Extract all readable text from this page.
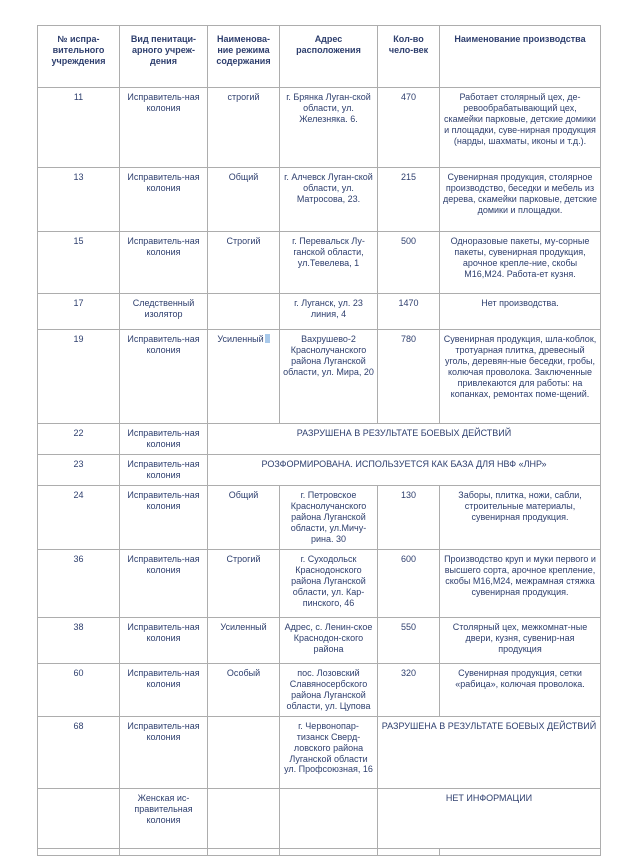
№ испра-вительного учреждения	Вид пенитаци-арного учреж-дения	Наименова-ние режима содержания	Адрес расположения	Кол-во чело-век	Наименование производства
11	Исправитель-ная колония	строгий	г. Брянка Луган-ской области, ул. Железняка. 6.	470	Работает столярный цех, де-ревообрабатывающий цех, скамейки парковые, детские домики и площадки, суве-нирная продукция (нарды, шахматы, иконы и т.д.).
13	Исправитель-ная колония	Общий	г. Алчевск Луган-ской области, ул. Матросова, 23.	215	Сувенирная продукция, столярное производство, беседки и мебель из дерева, скамейки парковые, детские домики и площадки.
15	Исправитель-ная колония	Строгий	г. Перевальск Лу-ганской области, ул.Тевелева, 1	500	Одноразовые пакеты, му-сорные пакеты, сувенирная продукция, арочное крепле-ние, скобы М16,М24. Работа-ет кузня.
17	Следственный изолятор		г. Луганск, ул. 23 линия, 4	1470	Нет производства.
19	Исправитель-ная колония	Усиленный	Вахрушево-2 Краснолучанского района Луганской области, ул. Мира, 20	780	Сувенирная продукция, шла-коблок, тротуарная плитка, древесный уголь, деревян-ные беседки, гробы, колючая проволока. Заключенные привлекаются для работы: на копанках, ремонтах поме-щений.
22	Исправитель-ная колония	РАЗРУШЕНА В РЕЗУЛЬТАТЕ БОЕВЫХ ДЕЙСТВИЙ			
23	Исправитель-ная колония	РОЗФОРМИРОВАНА. ИСПОЛЬЗУЕТСЯ КАК БАЗА ДЛЯ НВФ «ЛНР»			
24	Исправитель-ная колония	Общий	г. Петровское Краснолучанского района Луганской области, ул.Мичу-рина. 30	130	Заборы, плитка, ножи, сабли, строительные материалы, сувенирная продукция.
36	Исправитель-ная колония	Строгий	г. Суходольск Краснодонского района Луганской области, ул. Кар-пинского, 46	600	Производство круп и муки первого и высшего сорта, арочное крепление, скобы М16,М24, межрамная стяжка сувенирная продукция.
38	Исправитель-ная колония	Усиленный	Адрес, с. Ленин-ское Краснодон-ского района	550	Столярный цех, межкомнат-ные двери, кузня, сувенир-ная продукция
60	Исправитель-ная колония	Особый	пос. Лозовский Славяносербского района Луганской области, ул. Цупова	320	Сувенирная продукция, сетки «рабица», колючая проволока.
68	Исправитель-ная колония		г. Червонопар-тизанск Сверд-ловского района Луганской области ул. Профсоюзная, 16	РАЗРУШЕНА В РЕЗУЛЬТАТЕ БОЕВЫХ ДЕЙСТВИЙ	
	Женская ис-правительная колония			НЕТ ИНФОРМАЦИИ	
